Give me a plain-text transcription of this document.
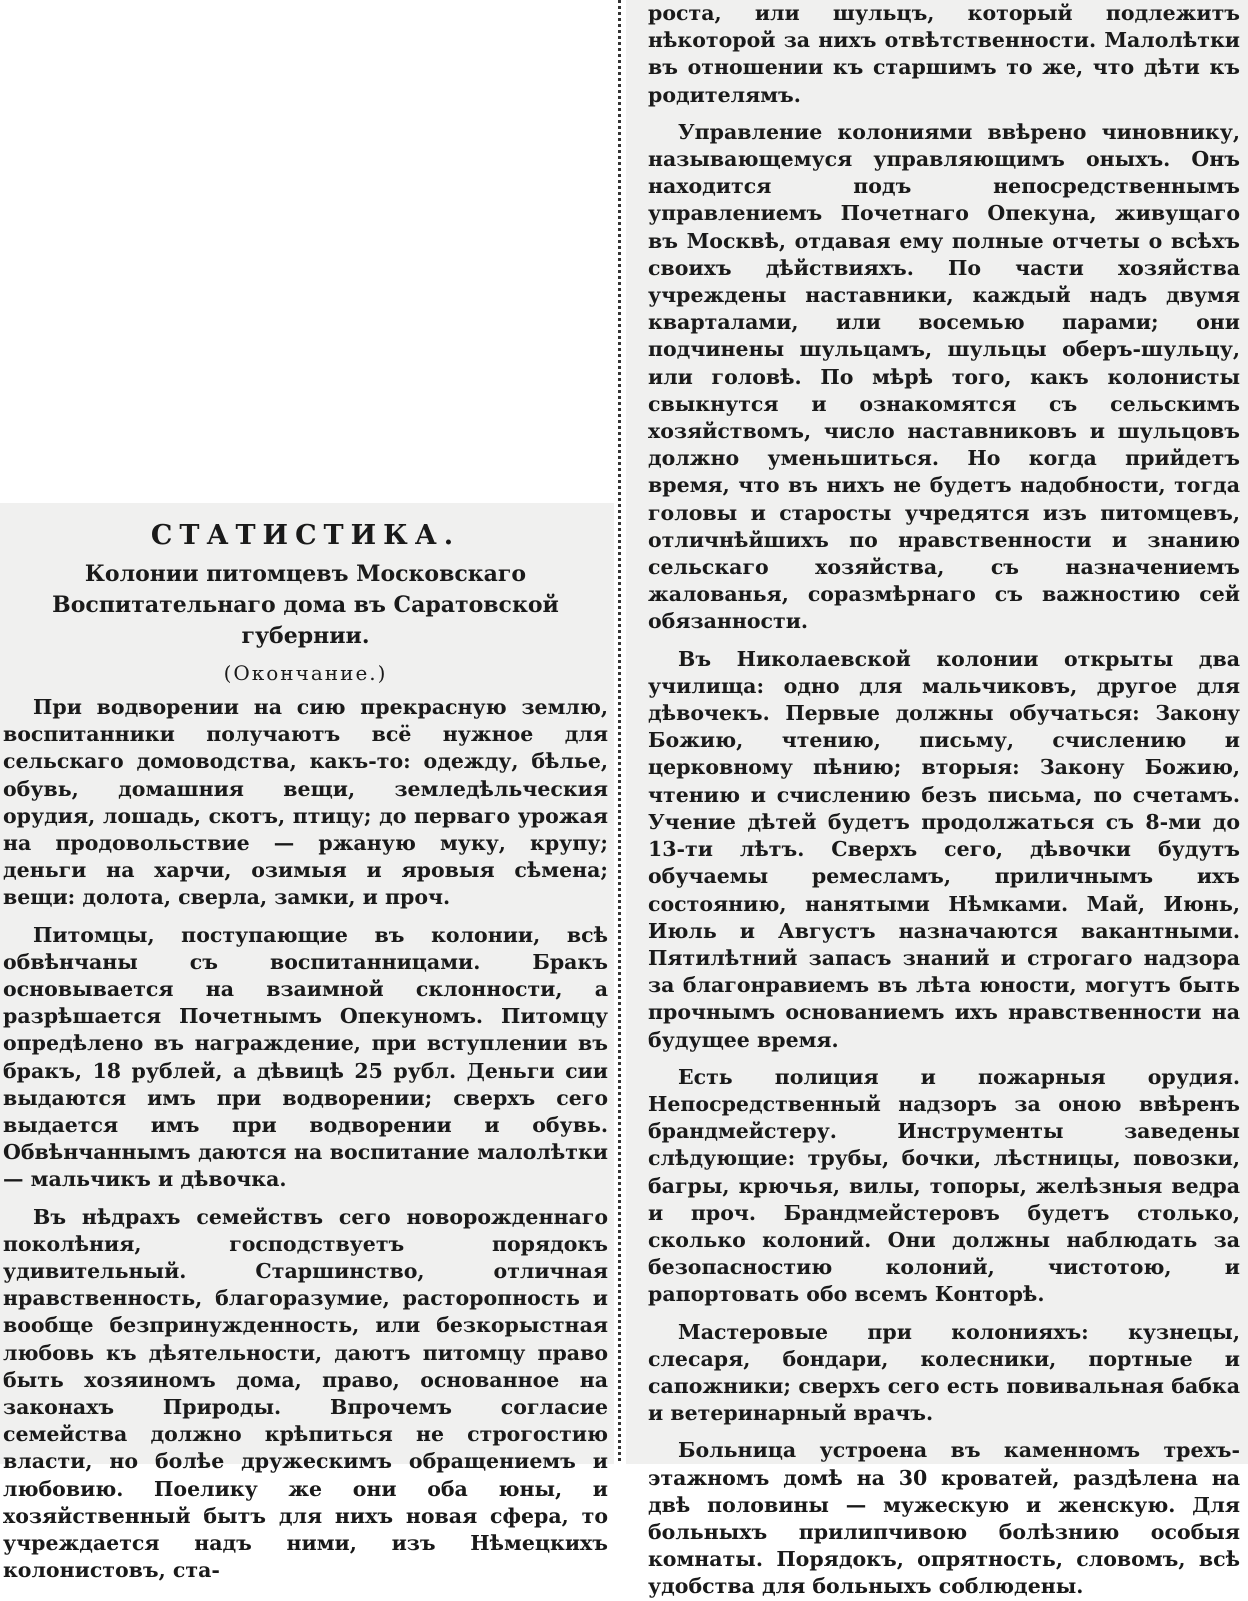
СТАТИСТИКА.
Колонии питомцевъ Московскаго Воспитательнаго дома въ Саратовской губернии.
(Окончание.)

При водворении на сию прекрасную землю, воспитанники получаютъ всё нужное для сельскаго домоводства, какъ-то: одежду, бѣлье, обувь, домашния вещи, земледѣльческия орудия, лошадь, скотъ, птицу; до перваго урожая на продовольствие — ржаную муку, крупу; деньги на харчи, озимыя и яровыя сѣмена; вещи: долота, сверла, замки, и проч.

Питомцы, поступающие въ колонии, всѣ обвѣнчаны съ воспитанницами. Бракъ основывается на взаимной склонности, а разрѣшается Почетнымъ Опекуномъ. Питомцу опредѣлено въ награждение, при вступлении въ бракъ, 18 рублей, а дѣвицѣ 25 рубл. Деньги сии выдаются имъ при водворении; сверхъ сего выдается имъ при водворении и обувь. Обвѣнчаннымъ даются на воспитание малолѣтки — мальчикъ и дѣвочка.

Въ нѣдрахъ семействъ сего новорожденнаго поколѣния, господствуетъ порядокъ удивительный. Старшинство, отличная нравственность, благоразумие, расторопность и вообще безпринужденность, или безкорыстная любовь къ дѣятельности, даютъ питомцу право быть хозяиномъ дома, право, основанное на законахъ Природы. Впрочемъ согласие семейства должно крѣпиться не строгостию власти, но болѣе дружескимъ обращениемъ и любовию. Поелику же они оба юны, и хозяйственный бытъ для нихъ новая сфера, то учреждается надъ ними, изъ Нѣмецкихъ колонистовъ, ста-

роста, или шульцъ, который подлежитъ нѣкоторой за нихъ отвѣтственности. Малолѣтки въ отношении къ старшимъ то же, что дѣти къ родителямъ.

Управление колониями ввѣрено чиновнику, называющемуся управляющимъ оныхъ. Онъ находится подъ непосредственнымъ управлениемъ Почетнаго Опекуна, живущаго въ Москвѣ, отдавая ему полные отчеты о всѣхъ своихъ дѣйствияхъ. По части хозяйства учреждены наставники, каждый надъ двумя кварталами, или восемью парами; они подчинены шульцамъ, шульцы оберъ-шульцу, или головѣ. По мѣрѣ того, какъ колонисты свыкнутся и ознакомятся съ сельскимъ хозяйствомъ, число наставниковъ и шульцовъ должно уменьшиться. Но когда прийдетъ время, что въ нихъ не будетъ надобности, тогда головы и старосты учредятся изъ питомцевъ, отличнѣйшихъ по нравственности и знанию сельскаго хозяйства, съ назначениемъ жалованья, соразмѣрнаго съ важностию сей обязанности.

Въ Николаевской колонии открыты два училища: одно для мальчиковъ, другое для дѣвочекъ. Первые должны обучаться: Закону Божию, чтению, письму, счислению и церковному пѣнию; вторыя: Закону Божию, чтению и счислению безъ письма, по счетамъ. Учение дѣтей будетъ продолжаться съ 8-ми до 13-ти лѣтъ. Сверхъ сего, дѣвочки будутъ обучаемы ремесламъ, приличнымъ ихъ состоянию, нанятыми Нѣмками. Май, Июнь, Июль и Августъ назначаются вакантными. Пятилѣтний запасъ знаний и строгаго надзора за благонравиемъ въ лѣта юности, могутъ быть прочнымъ основаниемъ ихъ нравственности на будущее время.

Есть полиция и пожарныя орудия. Непосредственный надзоръ за оною ввѣренъ брандмейстеру. Инструменты заведены слѣдующие: трубы, бочки, лѣстницы, повозки, багры, крючья, вилы, топоры, желѣзныя ведра и проч. Брандмейстеровъ будетъ столько, сколько колоний. Они должны наблюдать за безопасностию колоний, чистотою, и рапортовать обо всемъ Конторѣ.

Мастеровые при колонияхъ: кузнецы, слесаря, бондари, колесники, портные и сапожники; сверхъ сего есть повивальная бабка и ветеринарный врачъ.

Больница устроена въ каменномъ трехъ-этажномъ домѣ на 30 кроватей, раздѣлена на двѣ половины — мужескую и женскую. Для больныхъ прилипчивою болѣзнию особыя комнаты. Порядокъ, опрятность, словомъ, всѣ удобства для больныхъ соблюдены.
